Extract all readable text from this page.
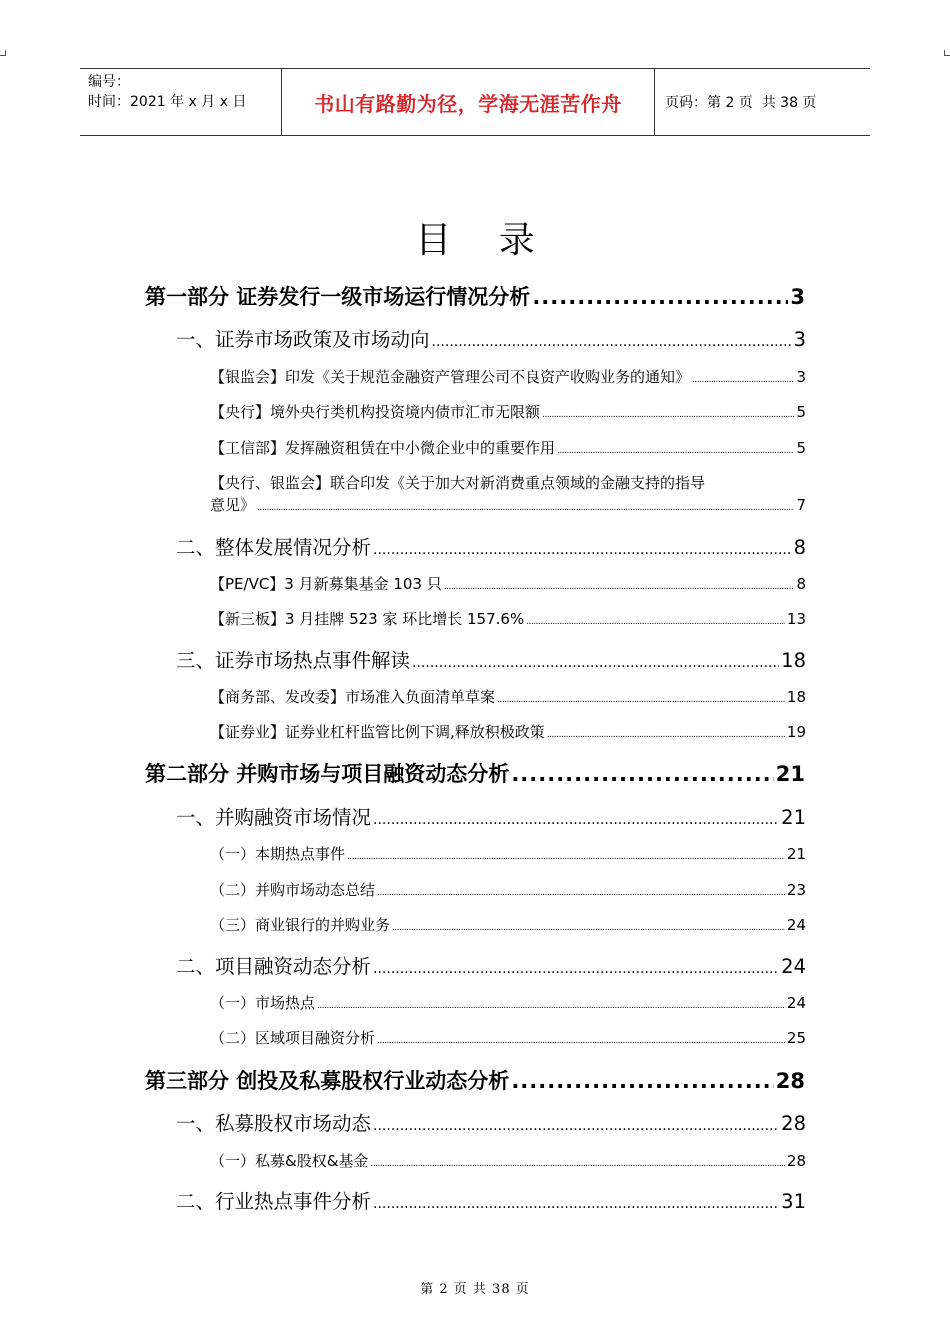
编号：
时间：2021 年 x 月 x 日	书山有路勤为径，学海无涯苦作舟	页码：第 2 页  共 38 页
目 录
第一部分 证券发行一级市场运行情况分析 .....	3
一、证券市场政策及市场动向 .....	3
【银监会】印发《关于规范金融资产管理公司不良资产收购业务的通知》 .....	3
【央行】境外央行类机构投资境内债市汇市无限额 .....	5
【工信部】发挥融资租赁在中小微企业中的重要作用 .....	5
【央行、银监会】联合印发《关于加大对新消费重点领域的金融支持的指导
意见》 .....	7
二、整体发展情况分析 .....	8
【PE/VC】3 月新募集基金 103 只 .....	8
【新三板】3 月挂牌 523 家 环比增长 157.6% .....	13
三、证券市场热点事件解读 .....	18
【商务部、发改委】市场准入负面清单草案 .....	18
【证券业】证券业杠杆监管比例下调,释放积极政策 .....	19
第二部分 并购市场与项目融资动态分析 .....	21
一、并购融资市场情况 .....	21
（一）本期热点事件 .....	21
（二）并购市场动态总结 .....	23
（三）商业银行的并购业务 .....	24
二、项目融资动态分析 .....	24
（一）市场热点 .....	24
（二）区域项目融资分析 .....	25
第三部分 创投及私募股权行业动态分析 .....	28
一、私募股权市场动态 .....	28
（一）私募&股权&基金 .....	28
二、行业热点事件分析 .....	31
第 2 页 共 38 页
